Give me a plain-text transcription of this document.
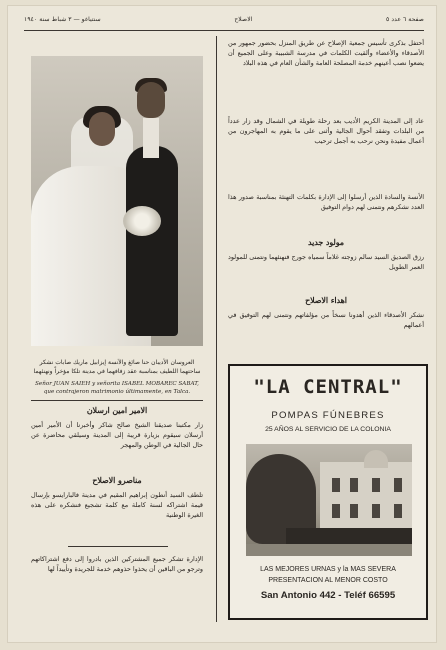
صفحة ٦ عدد ٥
الاصلاح
سنتياغو — ٣ شباط سنة ١٩٤٠
العروسان الأديبان حنا صائغ والآنسة إيزابيل ماريك صابات نشكر ساحتهما اللطيف بمناسبة عقد زفافهما في مدينة تلكا مؤخراً ونهنئهما
Señor JUAN SAIEH y señorita ISABEL MOBAREC SABAT, que contrajeron matrimonio últimamente, en Talca.
الامير امين ارسلان
زار مكتبنا صديقنا الشيخ صالح شاكر وأخبرنا أن الأمير أمين أرسلان سيقوم بزيارة قريبة إلى المدينة وسيلقي محاضرة عن حال الجالية في الوطن والمهجر
مناصرو الاصلاح
تلطف السيد أنطون إبراهيم المقيم في مدينة فالبارايسو بإرسال قيمة اشتراكه لسنة كاملة مع كلمة تشجيع فنشكره على هذه الغيرة الوطنية
الإدارة تشكر جميع المشتركين الذين بادروا إلى دفع اشتراكاتهم وترجو من الباقين أن يحذوا حذوهم خدمة للجريدة وتأييداً لها
أحتفل بذكرى تأسيس جمعية الإصلاح عن طريق المنزل بحضور جمهور من الأصدقاء والأعضاء وألقيت الكلمات في مدرسة الشبيبة وعلى الجميع أن يضعوا نصب أعينهم خدمة المصلحة العامة والشأن العام في هذه البلاد
عاد إلى المدينة الكريم الأديب بعد رحلة طويلة في الشمال وقد زار عدداً من البلدات وتفقد أحوال الجالية وأثنى على ما يقوم به المهاجرون من أعمال مفيدة ونحن نرحب به أجمل ترحيب
الأنسة والسادة الذين أرسلوا إلى الإدارة بكلمات التهنئة بمناسبة صدور هذا العدد نشكرهم ونتمنى لهم دوام التوفيق
مولود جديد
رزق الصديق السيد سالم زوجته غلاماً سمياه جورج فنهنئهما ونتمنى للمولود العمر الطويل
اهداء الاصلاح
نشكر الأصدقاء الذين أهدونا نسخاً من مؤلفاتهم ونتمنى لهم التوفيق في أعمالهم
"LA CENTRAL"
POMPAS FÚNEBRES
25 AÑOS AL SERVICIO DE LA COLONIA
LAS MEJORES URNAS y la MAS SEVERA
PRESENTACION AL MENOR COSTO
San Antonio 442 - Teléf 66595
